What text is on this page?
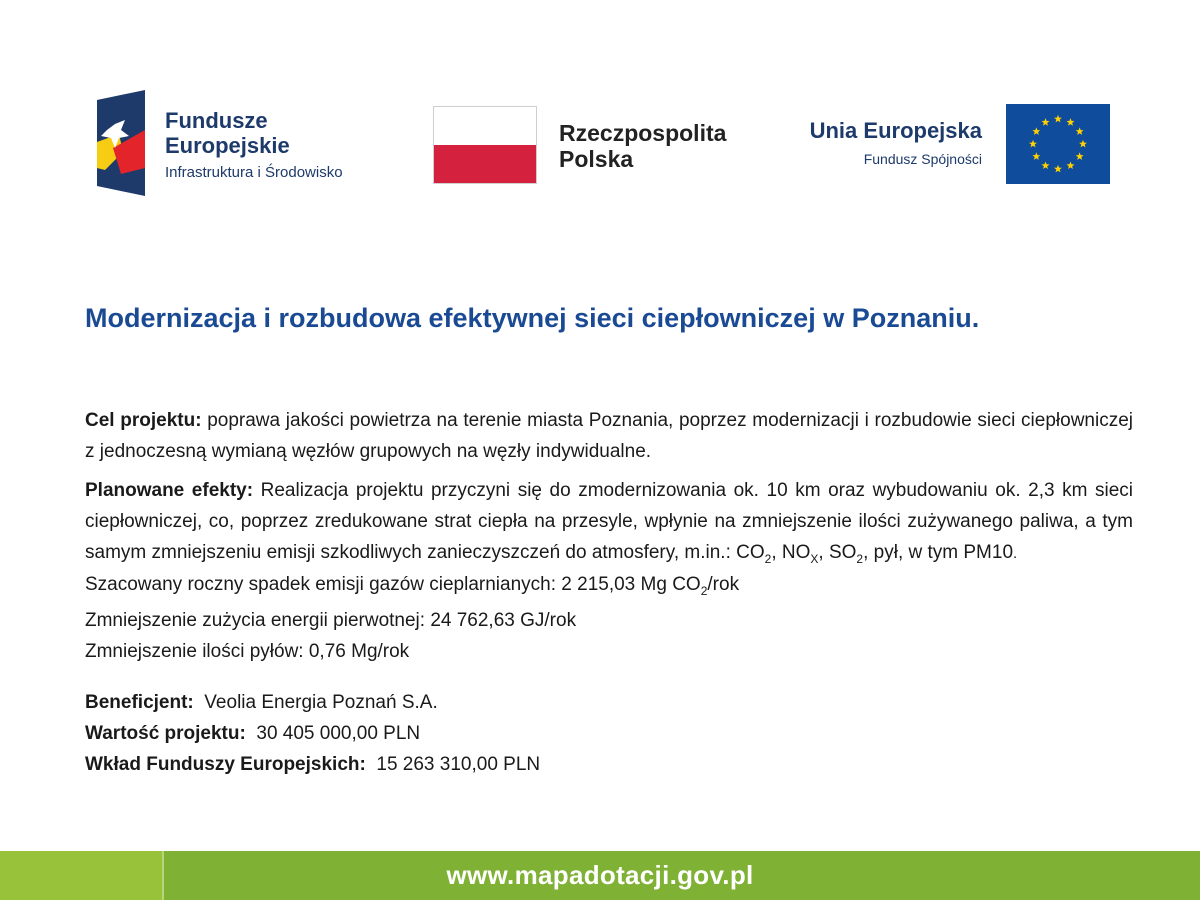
Fundusze
Europejskie
Infrastruktura i Środowisko
Rzeczpospolita
Polska
Unia Europejska
Fundusz Spójności
Modernizacja i rozbudowa efektywnej sieci ciepłowniczej w Poznaniu.

Cel projektu: poprawa jakości powietrza na terenie miasta Poznania, poprzez modernizacji i rozbudowie sieci ciepłowniczej z jednoczesną wymianą węzłów grupowych na węzły indywidualne.

Planowane efekty: Realizacja projektu przyczyni się do zmodernizowania ok. 10 km oraz wybudowaniu ok. 2,3 km sieci ciepłowniczej, co, poprzez zredukowane strat ciepła na przesyle, wpłynie na zmniejszenie ilości zużywanego paliwa, a tym samym zmniejszeniu emisji szkodliwych zanieczyszczeń do atmosfery, m.in.: $CO_2$, $NO_X$, $SO_2$, pył, w tym PM10.

Szacowany roczny spadek emisji gazów cieplarnianych: 2 215,03 Mg $CO_2$/rok
Zmniejszenie zużycia energii pierwotnej: 24 762,63 GJ/rok
Zmniejszenie ilości pyłów: 0,76 Mg/rok
Beneficjent:  Veolia Energia Poznań S.A.
Wartość projektu:  30 405 000,00 PLN
Wkład Funduszy Europejskich:  15 263 310,00 PLN
www.mapadotacji.gov.pl
